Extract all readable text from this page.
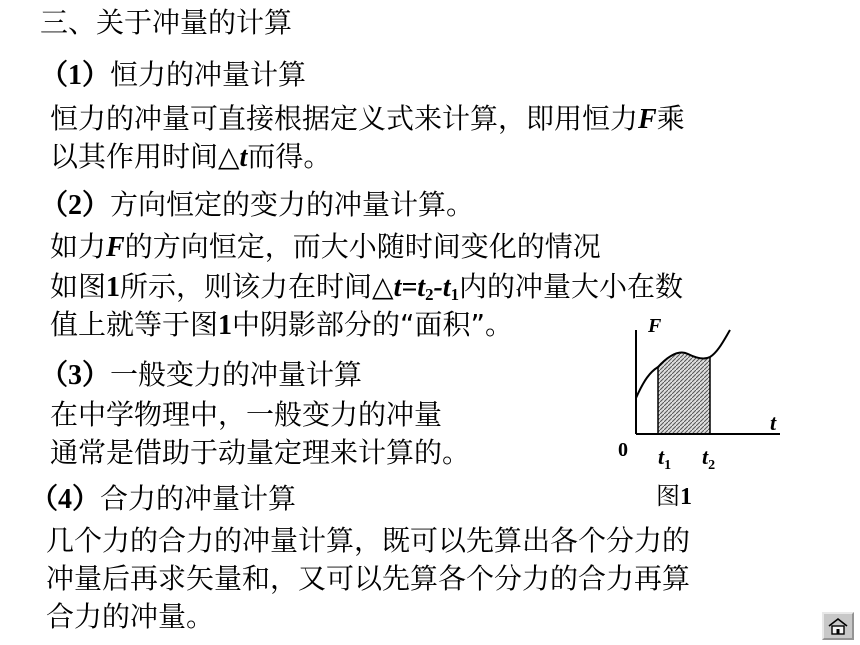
三、关于冲量的计算
（1）恒力的冲量计算
恒力的冲量可直接根据定义式来计算，即用恒力F乘
以其作用时间△t而得。
（2）方向恒定的变力的冲量计算。
如力F的方向恒定，而大小随时间变化的情况
如图1所示，则该力在时间$\triangle t=t_2-t_1$内的冲量大小在数
值上就等于图1中阴影部分的“面积”。
（3）一般变力的冲量计算
在中学物理中，一般变力的冲量
通常是借助于动量定理来计算的。
（4）合力的冲量计算
几个力的合力的冲量计算，既可以先算出各个分力的
冲量后再求矢量和，又可以先算各个分力的合力再算
合力的冲量。
F
t
0 $t_1$ $t_2$
图1
